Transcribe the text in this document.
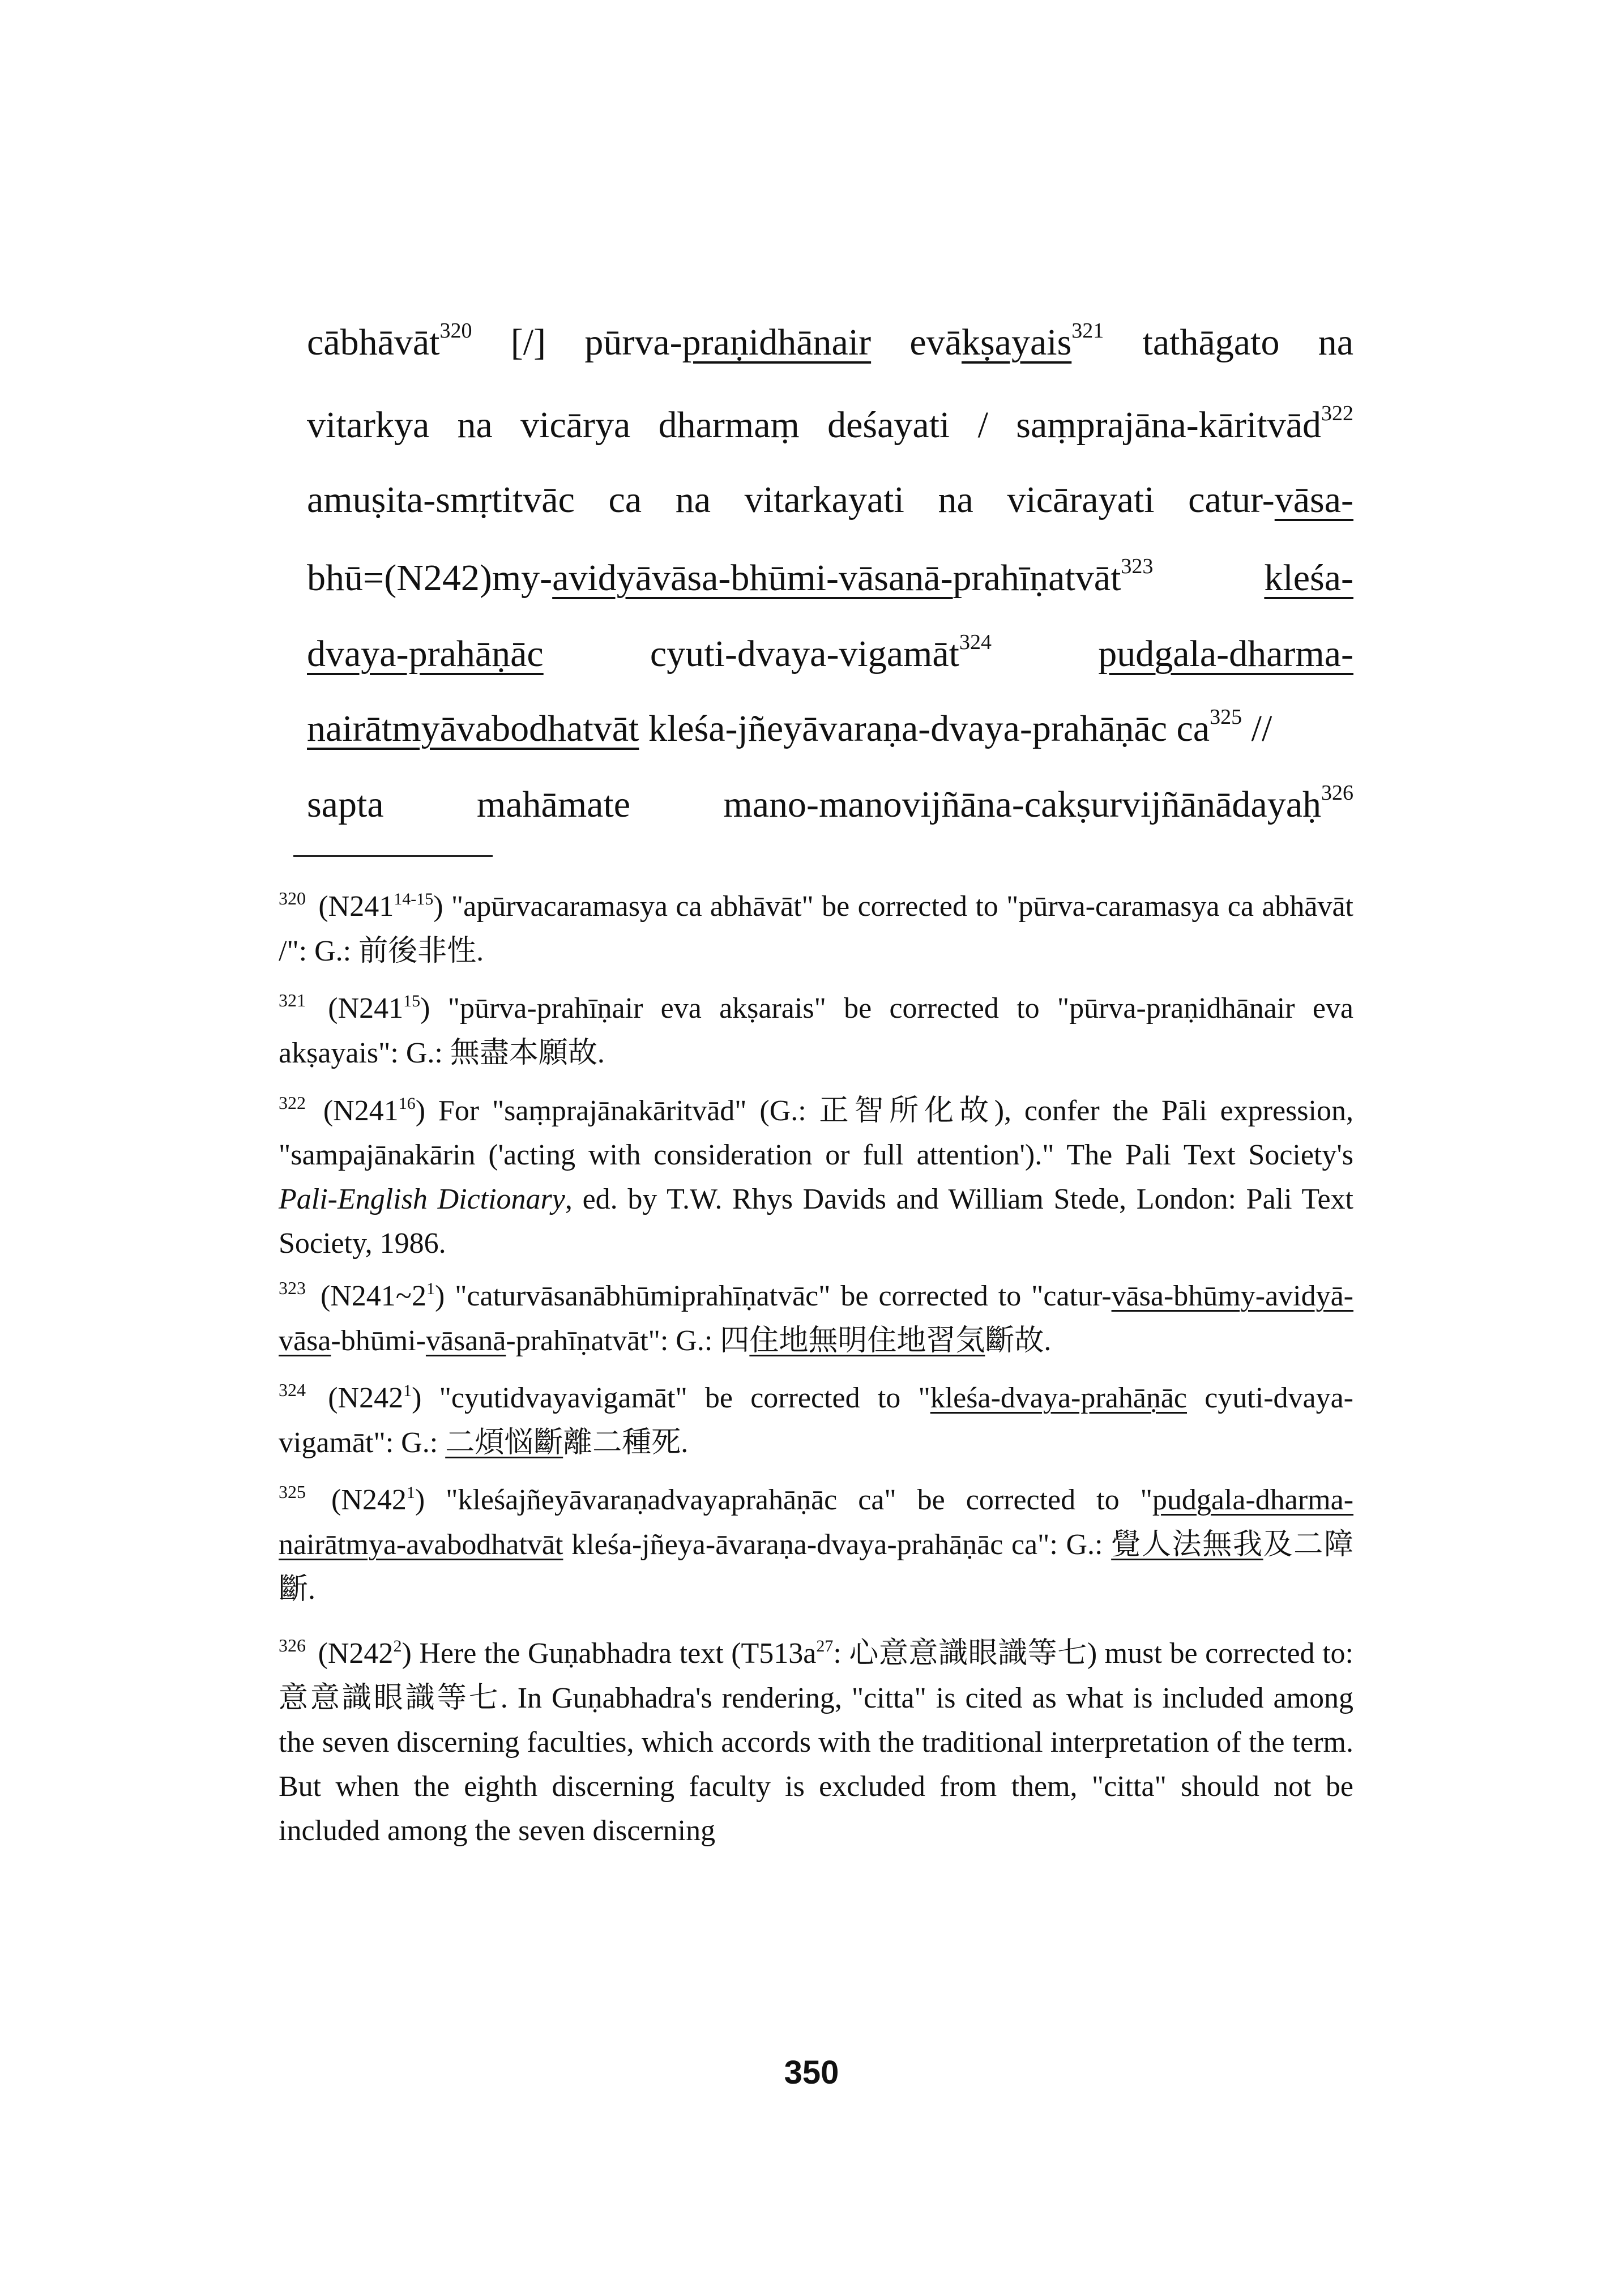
cābhāvāt$^{320}$ [/] pūrva-praṇidhānair evākṣayais$^{321}$ tathāgato na
vitarkya na vicārya dharmaṃ deśayati / saṃprajāna-kāritvād$^{322}$
amuṣita-smṛtitvāc ca na vitarkayati na vicārayati catur-vāsa-
bhū=(N242)my-avidyāvāsa-bhūmi-vāsanā-prahīṇatvāt$^{323}$	kleśa-
dvaya-prahāṇāc cyuti-dvaya-vigamāt$^{324}$	pudgala-dharma-
nairātmyāvabodhatvāt kleśa-jñeyāvaraṇa-dvaya-prahāṇāc $ca^{325}$ //
sapta mahāmate mano-manovijñāna-cakṣurvijñānādayaḥ$^{326}$
$^{320}$ (N241$^{14-15}$) "apūrvacaramasya ca abhāvāt" be corrected to "pūrva-caramasya ca abhāvāt /": G.: 前後非性.
$^{321}$ $(N241^{15})$ "pūrva-prahīṇair eva akṣarais" be corrected to "pūrva-praṇidhānair eva akṣayais": G.: 無盡本願故.
$^{322}$ $(N241^{16})$ For "saṃprajānakāritvād" (G.: 正智所化故), confer the Pāli expression, "sampajānakārin ('acting with consideration or full attention')." The Pali Text Society's Pali-English Dictionary, ed. by T.W. Rhys Davids and William Stede, London: Pali Text Society, 1986.
$^{323}$ $(N241\sim 2^1)$ "caturvāsanābhūmiprahīṇatvāc" be corrected to "catur-vāsa-bhūmy-avidyā-vāsa-bhūmi-vāsanā-prahīṇatvāt": G.: 四住地無明住地習気斷故.
$^{324}$ $(N242^1)$ "cyutidvayavigamāt" be corrected to "kleśa-dvaya-prahāṇāc cyuti-dvaya-vigamāt": G.: 二煩悩斷離二種死.
$^{325}$ $(N242^1)$ "kleśajñeyāvaraṇadvayaprahāṇāc ca" be corrected to "pudgala-dharma-nairātmya-avabodhatvāt kleśa-jñeya-āvaraṇa-dvaya-prahāṇāc ca": G.: 覺人法無我及二障斷.
$^{326}$ $(N242^2)$ Here the Guṇabhadra text ($T513a^{27}$: 心意意識眼識等七) must be corrected to: 意意識眼識等七. In Guṇabhadra's rendering, "citta" is cited as what is included among the seven discerning faculties, which accords with the traditional interpretation of the term. But when the eighth discerning faculty is excluded from them, "citta" should not be included among the seven discerning
350
